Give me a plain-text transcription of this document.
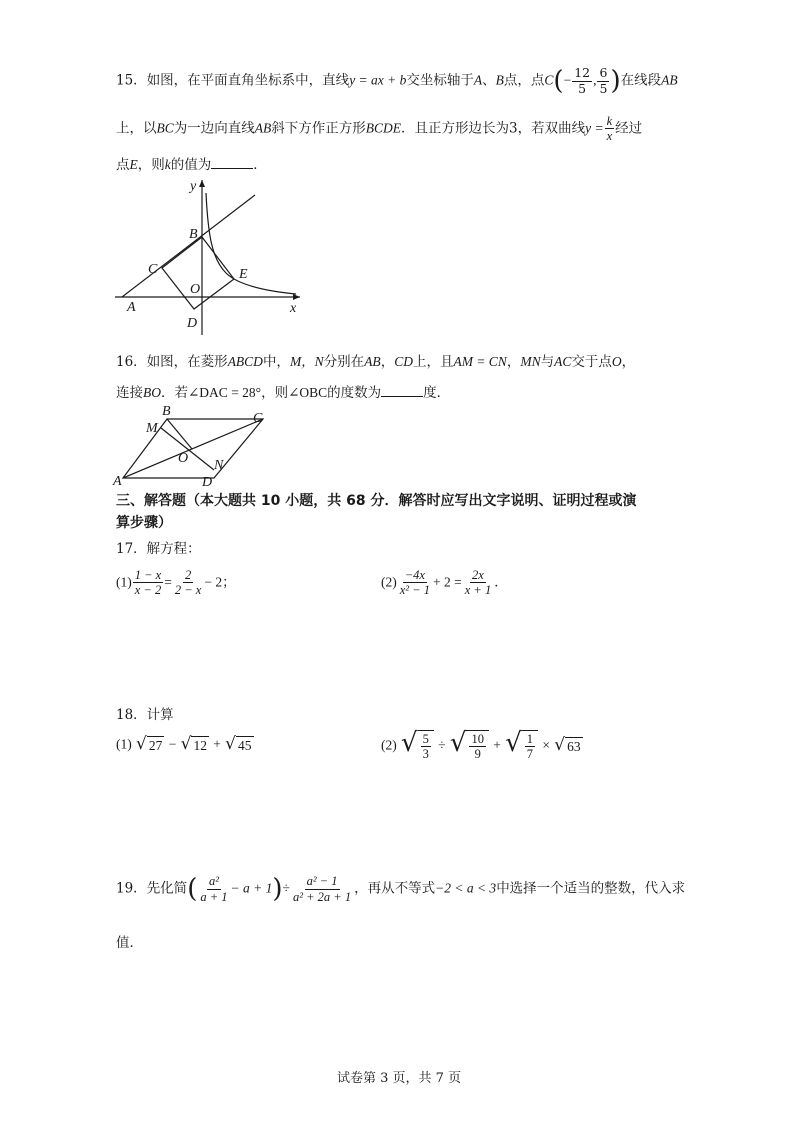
15．如图，在平面直角坐标系中，直线y = ax + b交坐标轴于A、B点，点$C(- \frac{12}{5}$ , $\frac{6}{5}$ )在线段AB
上，以BC为一边向直线AB斜下方作正方形BCDE．且正方形边长为3，若双曲线$y = \frac{k}{x}$ 经过
点E，则k的值为	．
y
B
C	E
O
A
D
x
16．如图，在菱形ABCD中，M，N分别在AB，CD上，且AM = CN，MN与AC交于点O，
连接BO．若∠DAC = 28°，则∠OBC的度数为	度．
B	C
M
O N
A	D
三、解答题（本大题共 10 小题，共 68 分．解答时应写出文字说明、证明过程或演
算步骤）
17．解方程：
$(1) \frac{1 - x}{x - 2} = \frac{2}{2 - x} - 2$；	$(2) \frac{-4x}{\text{x² − 1}} + 2 = \frac{2x}{x + 1}$ ．
18．计算
(1) √ 27 − √ 12 + √ 45	(2) √ $\frac{5}{3}$ ÷ √ $\frac{10}{9}$ + √ $\frac{1}{7}$ × √ 63
19．先化简( $\frac{\text{a²}}{a + 1} - a + 1)\div \frac{\text{a² − 1}}{\text{a² + 2a + 1}}$ ，再从不等式−2 < a < 3中选择一个适当的整数，代入求
值．
试卷第 3 页，共 7 页
